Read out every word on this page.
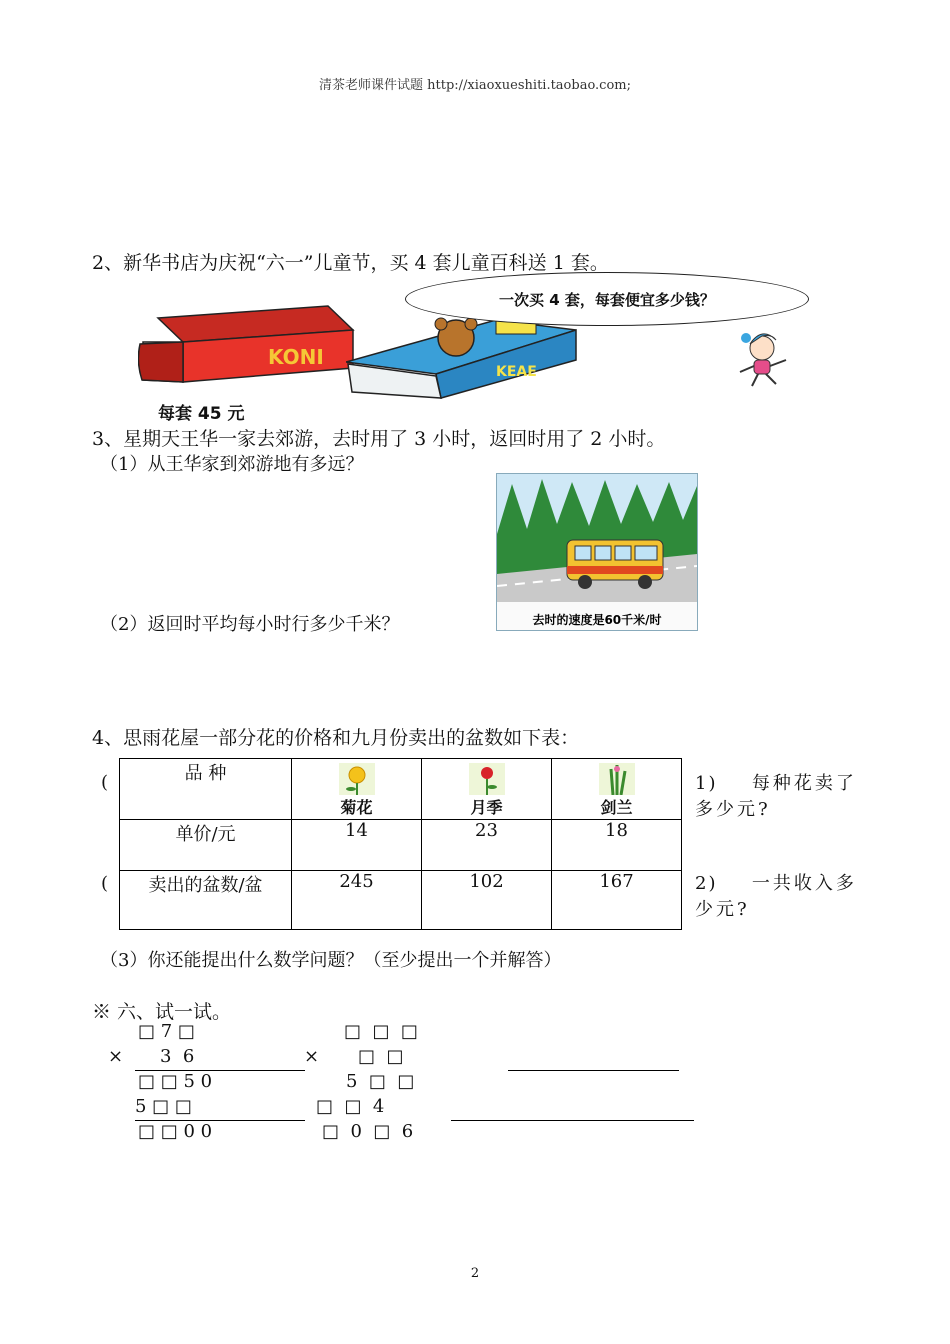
清茶老师课件试题 http://xiaoxueshiti.taobao.com;
2、新华书店为庆祝“六一”儿童节，买 4 套儿童百科送 1 套。
KONI
KEAE
一次买 4 套，每套便宜多少钱？
每套 45 元
3、星期天王华一家去郊游，去时用了 3 小时，返回时用了 2 小时。
（1）从王华家到郊游地有多远？
去时的速度是60千米/时
（2）返回时平均每小时行多少千米？
4、思雨花屋一部分花的价格和九月份卖出的盆数如下表：
(
(
品 种	菊花	月季	剑兰

单价/元	14	23	18
卖出的盆数/盆	245	102	167
1) 每种花卖了多少元?
2) 一共收入多少元?
（3）你还能提出什么数学问题？（至少提出一个并解答）
※ 六、试一试。
□ 7 □
× 3  6
□ □ 5 0
5 □ □
□ □ 0 0
□  □  □
× □  □
5  □  □
□  □  4
□  0  □  6
2
